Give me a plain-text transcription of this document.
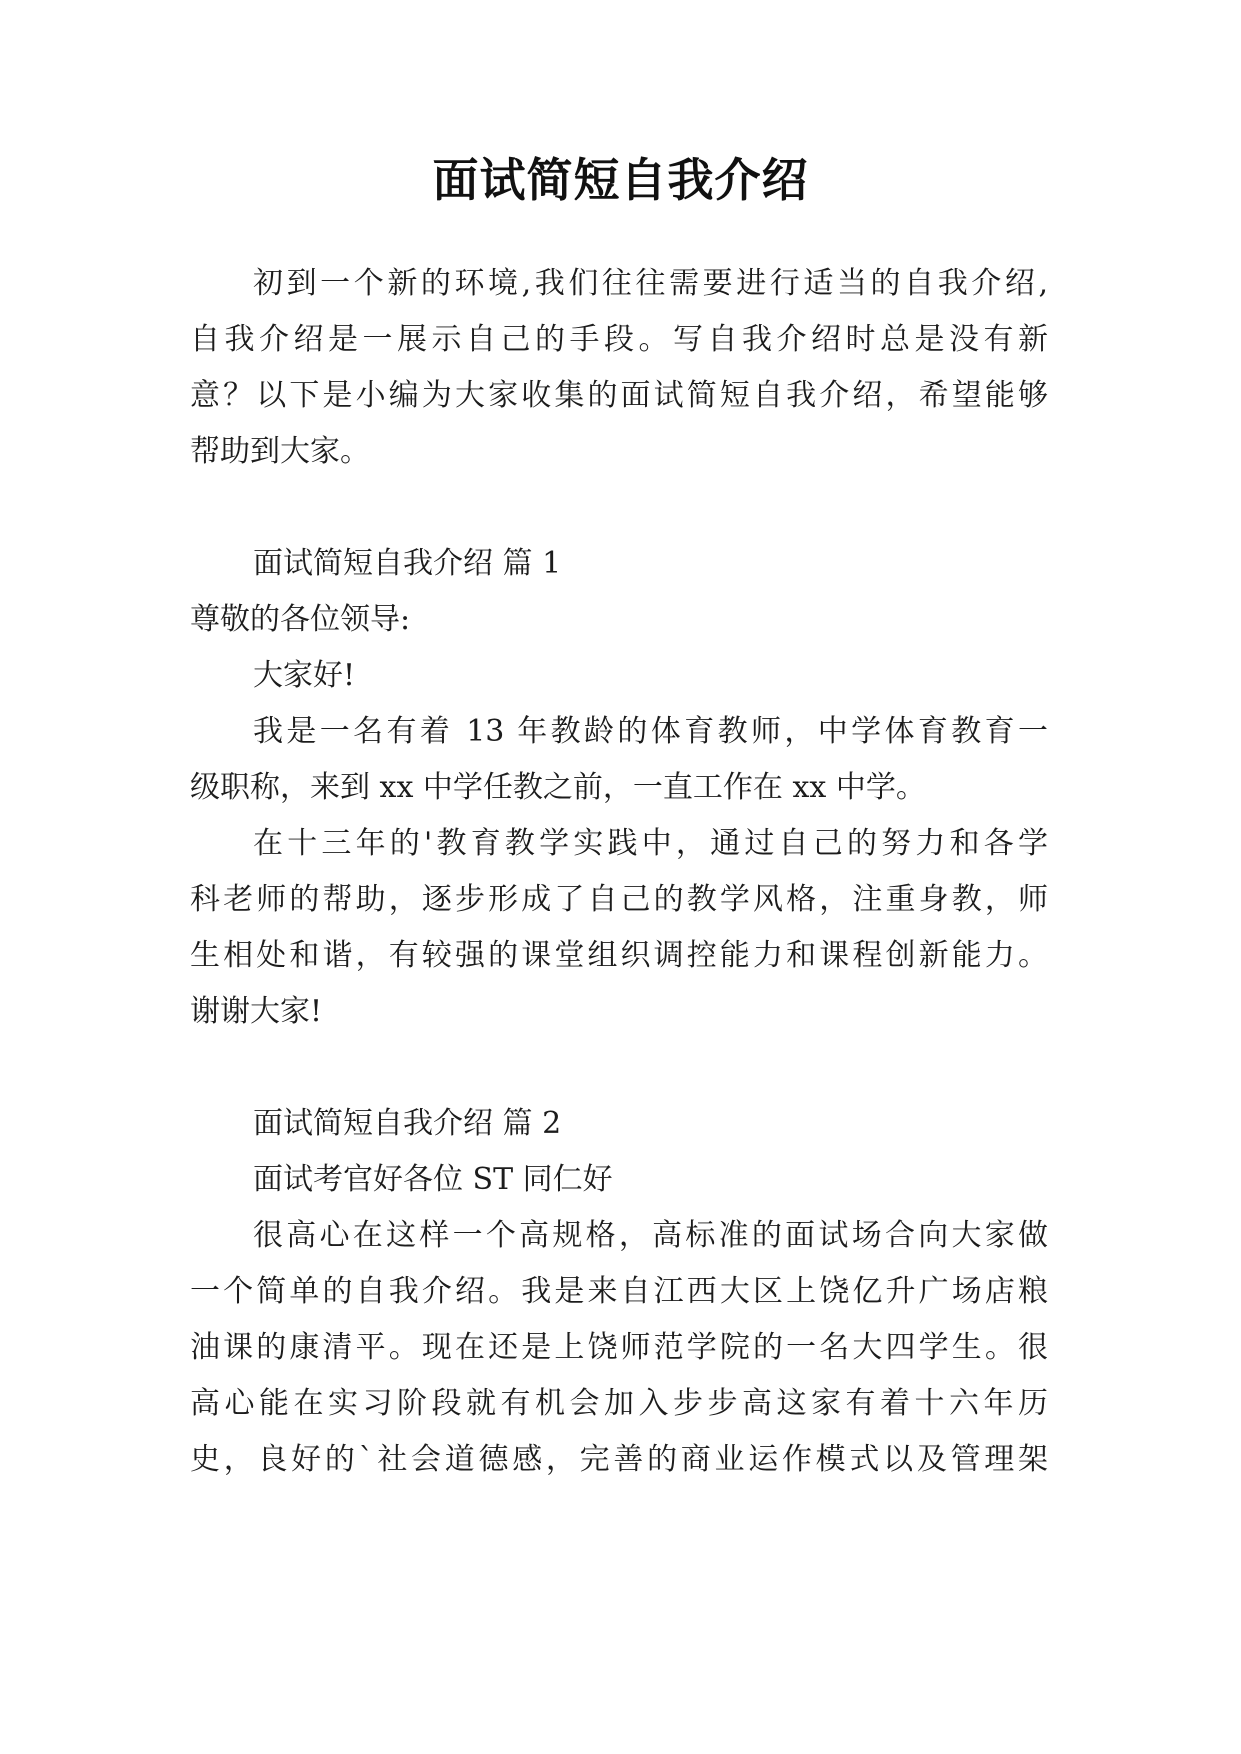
面试简短自我介绍
初到一个新的环境,我们往往需要进行适当的自我介绍,
自我介绍是一展示自己的手段。写自我介绍时总是没有新
意？以下是小编为大家收集的面试简短自我介绍，希望能够
帮助到大家。
面试简短自我介绍 篇 1
尊敬的各位领导:
大家好!
我是一名有着 13 年教龄的体育教师，中学体育教育一
级职称，来到 xx 中学任教之前，一直工作在 xx 中学。
在十三年的'教育教学实践中，通过自己的努力和各学
科老师的帮助，逐步形成了自己的教学风格，注重身教，师
生相处和谐，有较强的课堂组织调控能力和课程创新能力。
谢谢大家!
面试简短自我介绍 篇 2
面试考官好各位 ST 同仁好
很高心在这样一个高规格，高标准的面试场合向大家做
一个简单的自我介绍。我是来自江西大区上饶亿升广场店粮
油课的康清平。现在还是上饶师范学院的一名大四学生。很
高心能在实习阶段就有机会加入步步高这家有着十六年历
史，良好的`社会道德感，完善的商业运作模式以及管理架
